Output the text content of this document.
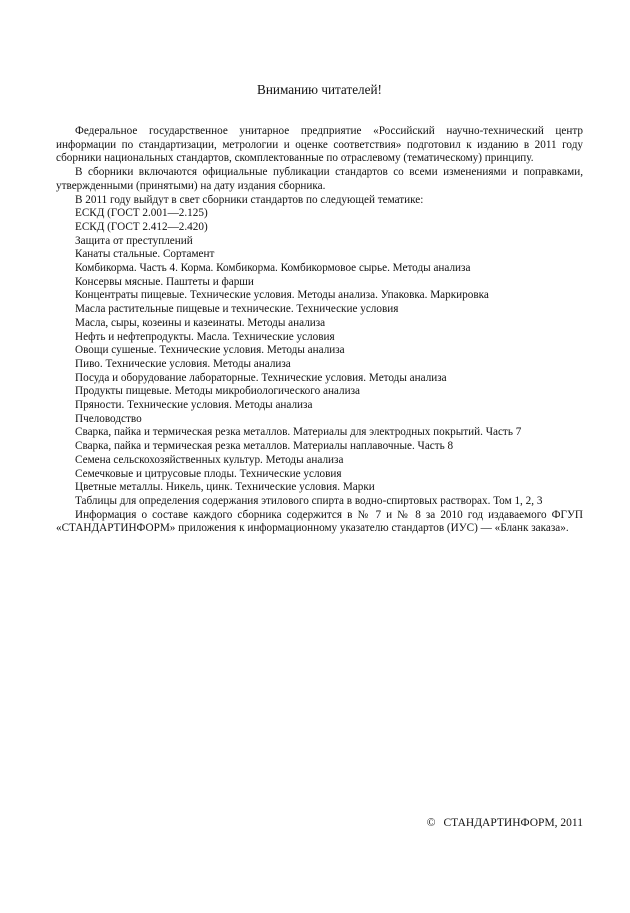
Вниманию читателей!

Федеральное государственное унитарное предприятие «Российский научно-технический центр информации по стандартизации, метрологии и оценке соответствия» подготовил к изданию в 2011 году сборники национальных стандартов, скомплектованные по отраслевому (тематическому) принципу.

В сборники включаются официальные публикации стандартов со всеми изменениями и поправками, утвержденными (принятыми) на дату издания сборника.

В 2011 году выйдут в свет сборники стандартов по следующей тематике:

ЕСКД (ГОСТ 2.001—2.125)
ЕСКД (ГОСТ 2.412—2.420)
Защита от преступлений
Канаты стальные. Сортамент
Комбикорма. Часть 4. Корма. Комбикорма. Комбикормовое сырье. Методы анализа
Консервы мясные. Паштеты и фарши
Концентраты пищевые. Технические условия. Методы анализа. Упаковка. Маркировка
Масла растительные пищевые и технические. Технические условия
Масла, сыры, козеины и казеинаты. Методы анализа
Нефть и нефтепродукты. Масла. Технические условия
Овощи сушеные. Технические условия. Методы анализа
Пиво. Технические условия. Методы анализа
Посуда и оборудование лабораторные. Технические условия. Методы анализа
Продукты пищевые. Методы микробиологического анализа
Пряности. Технические условия. Методы анализа
Пчеловодство
Сварка, пайка и термическая резка металлов. Материалы для электродных покрытий. Часть 7
Сварка, пайка и термическая резка металлов. Материалы наплавочные. Часть 8
Семена сельскохозяйственных культур. Методы анализа
Семечковые и цитрусовые плоды. Технические условия
Цветные металлы. Никель, цинк. Технические условия. Марки
Таблицы для определения содержания этилового спирта в водно-спиртовых растворах. Том 1, 2, 3

Информация о составе каждого сборника содержится в № 7 и № 8 за 2010 год издаваемого ФГУП «СТАНДАРТИНФОРМ» приложения к информационному указателю стандартов (ИУС) — «Бланк заказа».

© СТАНДАРТИНФОРМ, 2011
